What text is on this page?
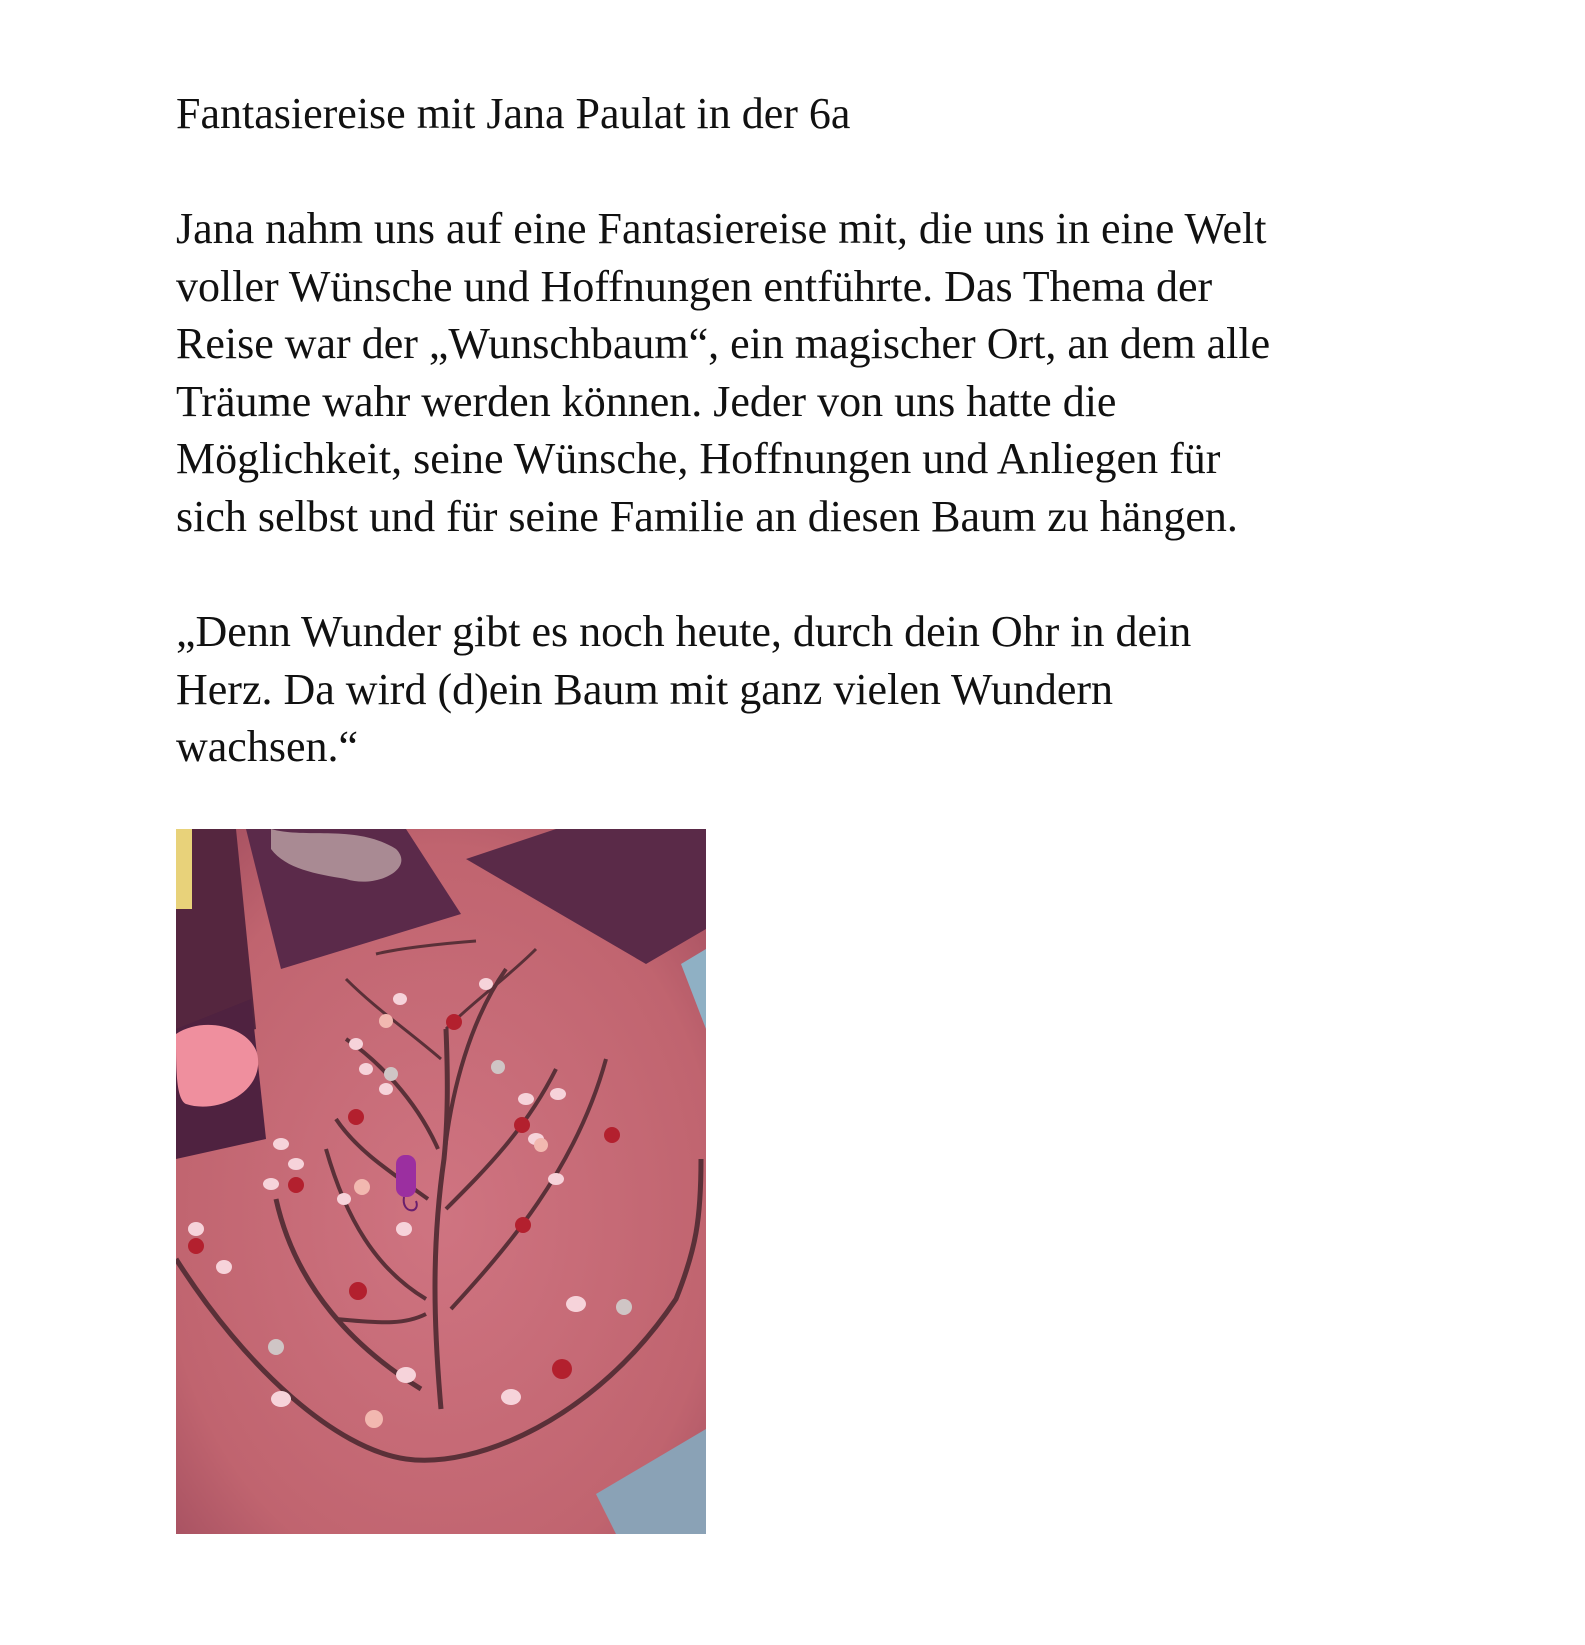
Fantasiereise mit Jana Paulat in der 6a
Jana nahm uns auf eine Fantasiereise mit, die uns in eine Welt
voller Wünsche und Hoffnungen entführte. Das Thema der
Reise war der „Wunschbaum“, ein magischer Ort, an dem alle
Träume wahr werden können. Jeder von uns hatte die
Möglichkeit, seine Wünsche, Hoffnungen und Anliegen für
sich selbst und für seine Familie an diesen Baum zu hängen.
„Denn Wunder gibt es noch heute, durch dein Ohr in dein
Herz. Da wird (d)ein Baum mit ganz vielen Wundern
wachsen.“
